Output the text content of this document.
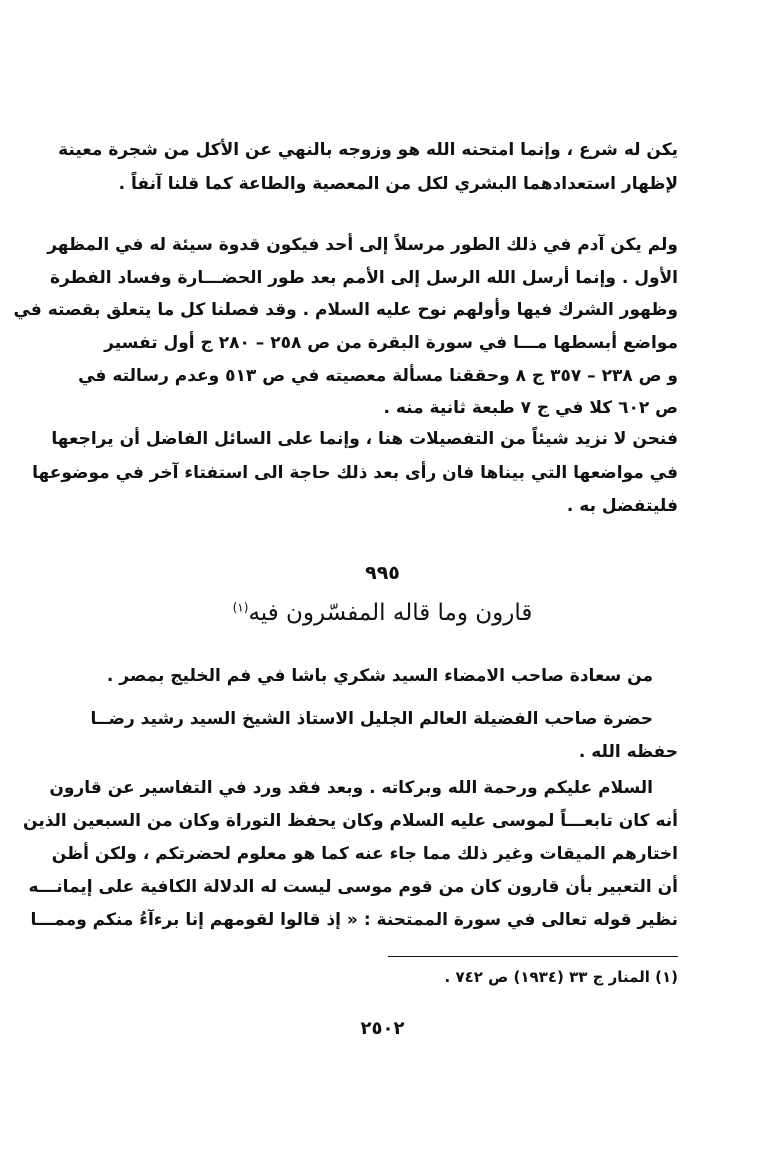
يكن له شرع ، وإنما امتحنه الله هو وزوجه بالنهي عن الأكل من شجرة معينة
لإظهار استعدادهما البشري لكل من المعصية والطاعة كما قلنا آنفاً .
ولم يكن آدم في ذلك الطور مرسلاً إلى أحد فيكون قدوة سيئة له في المظهر
الأول . وإنما أرسل الله الرسل إلى الأمم بعد طور الحضـــارة وفساد الفطرة
وظهور الشرك فيها وأولهم نوح عليه السلام . وقد فصلنا كل ما يتعلق بقصته في
مواضع أبسطها مـــا في سورة البقرة من ص ٢٥٨ – ٢٨٠ ج أول تفسير
و ص ٢٣٨ – ٣٥٧ ج ٨ وحققنا مسألة معصيته في ص ٥١٣ وعدم رسالته في
ص ٦٠٢ كلا في ج ٧ طبعة ثانية منه .
فنحن لا نزيد شيئاً من التفصيلات هنا ، وإنما على السائل الفاضل أن يراجعها
في مواضعها التي بيناها فان رأى بعد ذلك حاجة الى استفتاء آخر في موضوعها
فليتفضل به .
٩٩٥
قارون وما قاله المفسّرون فيه$^{(١)}$
من سعادة صاحب الامضاء السيد شكري باشا في فم الخليج بمصر .
حضرة صاحب الفضيلة العالم الجليل الاستاذ الشيخ السيد رشيد رضــا
حفظه الله .
السلام عليكم ورحمة الله وبركاته . وبعد فقد ورد في التفاسير عن قارون
أنه كان تابعـــاً لموسى عليه السلام وكان يحفظ التوراة وكان من السبعين الذين
اختارهم الميقات وغير ذلك مما جاء عنه كما هو معلوم لحضرتكم ، ولكن أظن
أن التعبير بأن قارون كان من قوم موسى ليست له الدلالة الكافية على إيمانـــه
نظير قوله تعالى في سورة الممتحنة : « إذ قالوا لقومهم إنا برءآءُ منكم وممـــا
(١) المنار ج ٣٣ (١٩٣٤) ص ٧٤٢ .
٢٥٠٢
